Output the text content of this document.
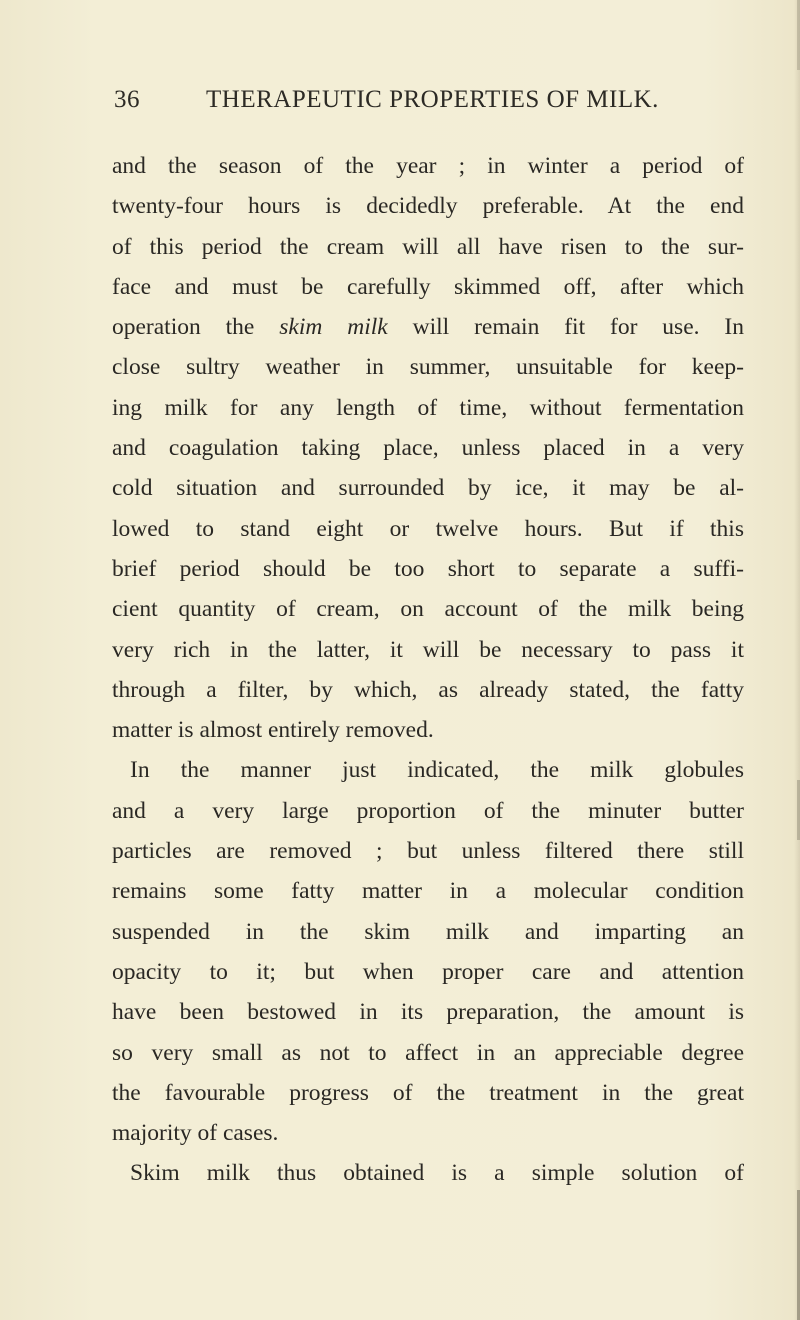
36	THERAPEUTIC PROPERTIES OF MILK.
and the season of the year ; in winter a period of
twenty-four hours is decidedly preferable. At the end
of this period the cream will all have risen to the sur-
face and must be carefully skimmed off, after which
operation the skim milk will remain fit for use. In
close sultry weather in summer, unsuitable for keep-
ing milk for any length of time, without fermentation
and coagulation taking place, unless placed in a very
cold situation and surrounded by ice, it may be al-
lowed to stand eight or twelve hours. But if this
brief period should be too short to separate a suffi-
cient quantity of cream, on account of the milk being
very rich in the latter, it will be necessary to pass it
through a filter, by which, as already stated, the fatty
matter is almost entirely removed.
In the manner just indicated, the milk globules
and a very large proportion of the minuter butter
particles are removed ; but unless filtered there still
remains some fatty matter in a molecular condition
suspended in the skim milk and imparting an
opacity to it; but when proper care and attention
have been bestowed in its preparation, the amount is
so very small as not to affect in an appreciable degree
the favourable progress of the treatment in the great
majority of cases.
Skim milk thus obtained is a simple solution of
